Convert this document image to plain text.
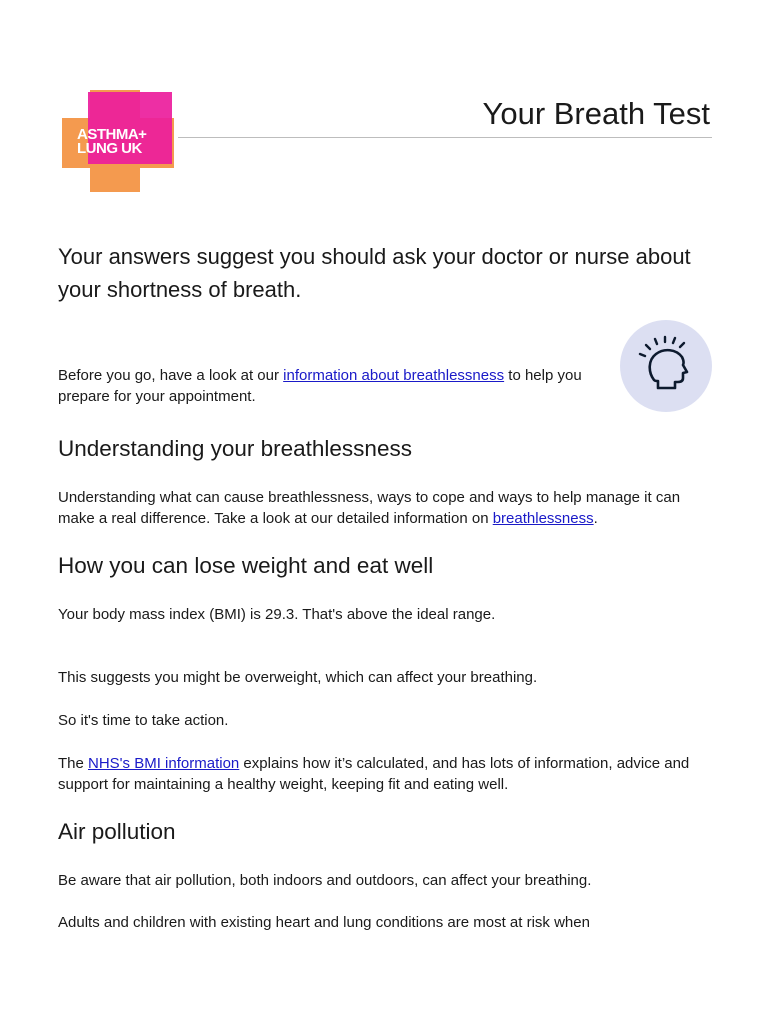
ASTHMA+
LUNG UK
Your Breath Test
Your answers suggest you should ask your doctor or nurse about your shortness of breath.

Before you go, have a look at our information about breathlessness to help you prepare for your appointment.

Understanding your breathlessness

Understanding what can cause breathlessness, ways to cope and ways to help manage it can make a real difference. Take a look at our detailed information on breathlessness.

How you can lose weight and eat well

Your body mass index (BMI) is 29.3. That's above the ideal range.

This suggests you might be overweight, which can affect your breathing.

So it's time to take action.

The NHS's BMI information explains how it’s calculated, and has lots of information, advice and support for maintaining a healthy weight, keeping fit and eating well.

Air pollution

Be aware that air pollution, both indoors and outdoors, can affect your breathing.

Adults and children with existing heart and lung conditions are most at risk when
